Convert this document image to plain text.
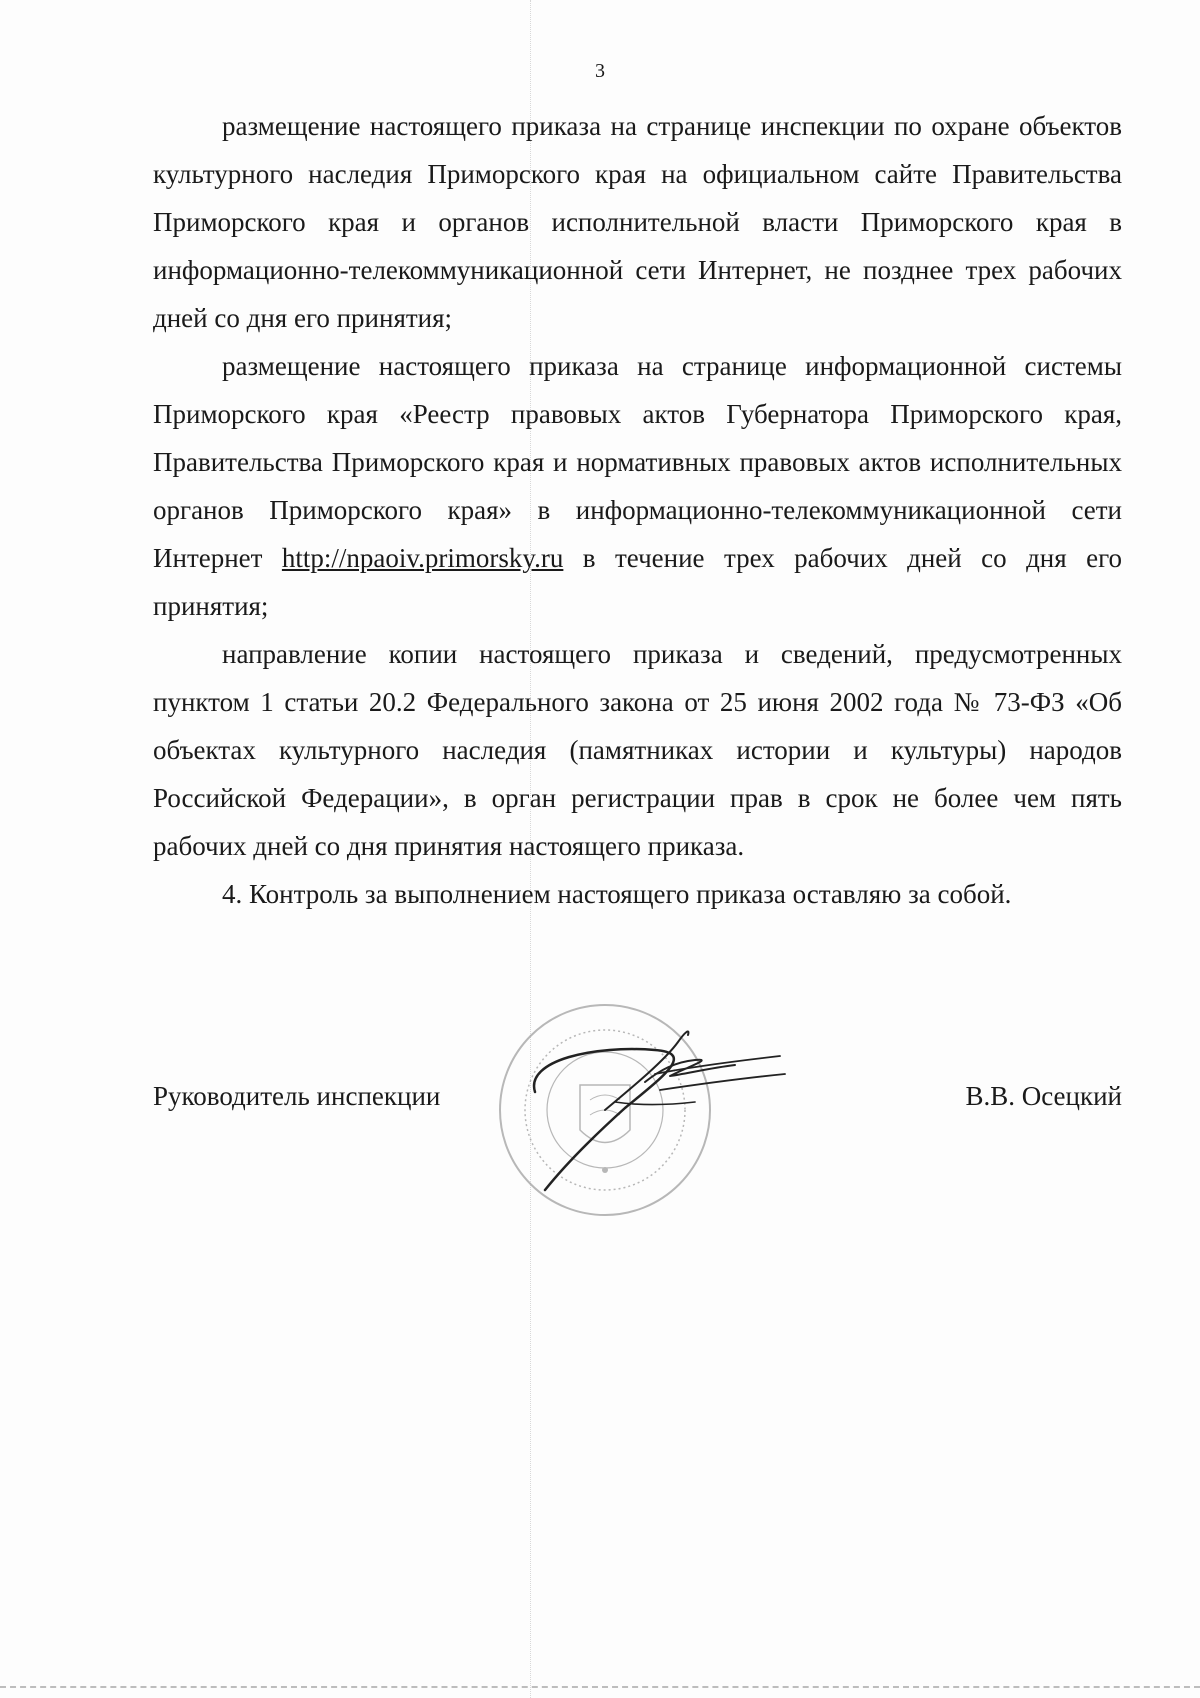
3

размещение настоящего приказа на странице инспекции по охране объектов культурного наследия Приморского края на официальном сайте Правительства Приморского края и органов исполнительной власти Приморского края в информационно-телекоммуникационной сети Интернет, не позднее трех рабочих дней со дня его принятия;

размещение настоящего приказа на странице информационной системы Приморского края «Реестр правовых актов Губернатора Приморского края, Правительства Приморского края и нормативных правовых актов исполнительных органов Приморского края» в информационно-телекоммуникационной сети Интернет http://npaoiv.primorsky.ru в течение трех рабочих дней со дня его принятия;

направление копии настоящего приказа и сведений, предусмотренных пунктом 1 статьи 20.2 Федерального закона от 25 июня 2002 года № 73-ФЗ «Об объектах культурного наследия (памятниках истории и культуры) народов Российской Федерации», в орган регистрации прав в срок не более чем пять рабочих дней со дня принятия настоящего приказа.

4. Контроль за выполнением настоящего приказа оставляю за собой.

Руководитель инспекции	В.В. Осецкий
